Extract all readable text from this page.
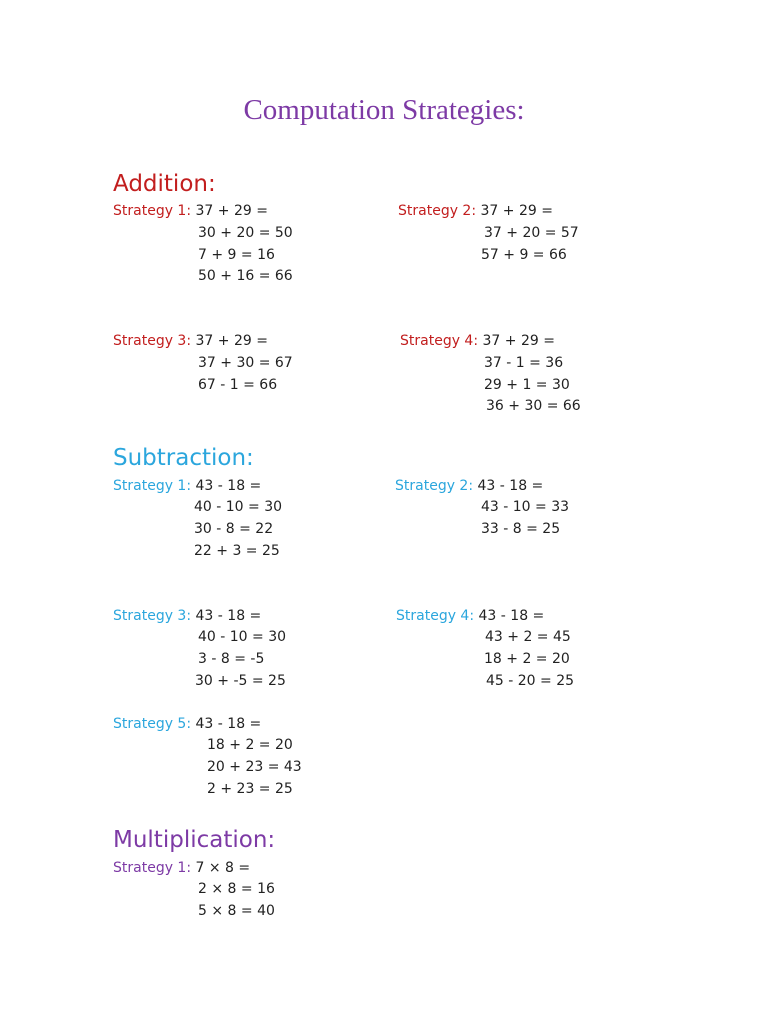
Computation Strategies:
Addition:
Strategy 1: 37 + 29 =
30 + 20 = 50
7 + 9 = 16
50 + 16 = 66
Strategy 2: 37 + 29 =
37 + 20 = 57
57 + 9 = 66
Strategy 3: 37 + 29 =
37 + 30 = 67
67 - 1 = 66
Strategy 4: 37 + 29 =
37 - 1 = 36
29 + 1 = 30
36 + 30 = 66
Subtraction:
Strategy 1: 43 - 18 =
40 - 10 = 30
30 - 8 = 22
22 + 3 = 25
Strategy 2: 43 - 18 =
43 - 10 = 33
33 - 8 = 25
Strategy 3: 43 - 18 =
40 - 10 = 30
3 - 8 = -5
30 + -5 = 25
Strategy 4: 43 - 18 =
43 + 2 = 45
18 + 2 = 20
45 - 20 = 25
Strategy 5: 43 - 18 =
18 + 2 = 20
20 + 23 = 43
2 + 23 = 25
Multiplication:
Strategy 1: 7 × 8 =
2 × 8 = 16
5 × 8 = 40
